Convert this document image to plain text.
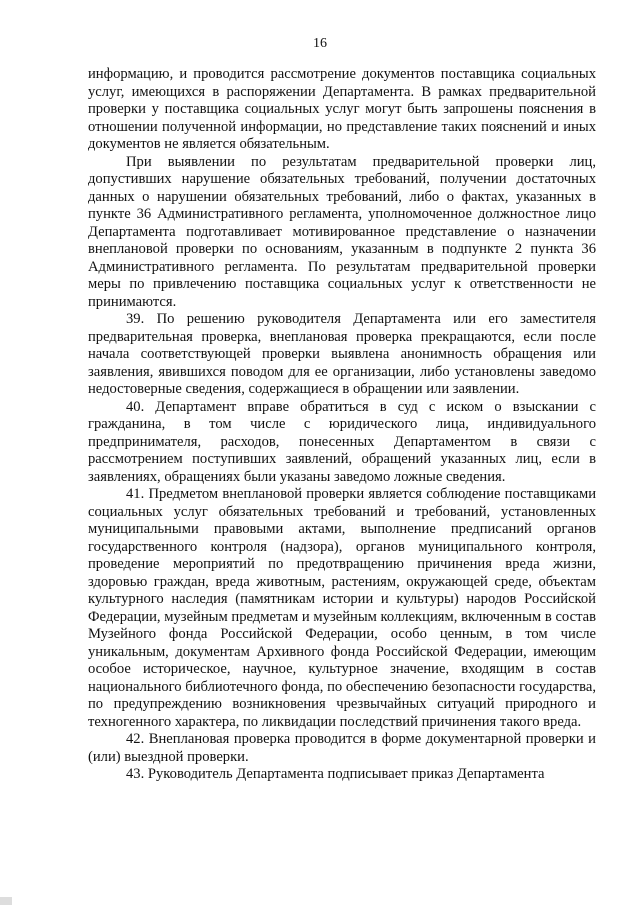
16

информацию, и проводится рассмотрение документов поставщика социальных услуг, имеющихся в распоряжении Департамента. В рамках предварительной проверки у поставщика социальных услуг могут быть запрошены пояснения в отношении полученной информации, но представление таких пояснений и иных документов не является обязательным.

При выявлении по результатам предварительной проверки лиц, допустивших нарушение обязательных требований, получении достаточных данных о нарушении обязательных требований, либо о фактах, указанных в пункте 36 Административного регламента, уполномоченное должностное лицо Департамента подготавливает мотивированное представление о назначении внеплановой проверки по основаниям, указанным в подпункте 2 пункта 36 Административного регламента. По результатам предварительной проверки меры по привлечению поставщика социальных услуг к ответственности не принимаются.

39. По решению руководителя Департамента или его заместителя предварительная проверка, внеплановая проверка прекращаются, если после начала соответствующей проверки выявлена анонимность обращения или заявления, явившихся поводом для ее организации, либо установлены заведомо недостоверные сведения, содержащиеся в обращении или заявлении.

40. Департамент вправе обратиться в суд с иском о взыскании с гражданина, в том числе с юридического лица, индивидуального предпринимателя, расходов, понесенных Департаментом в связи с рассмотрением поступивших заявлений, обращений указанных лиц, если в заявлениях, обращениях были указаны заведомо ложные сведения.

41. Предметом внеплановой проверки является соблюдение поставщиками социальных услуг обязательных требований и требований, установленных муниципальными правовыми актами, выполнение предписаний органов государственного контроля (надзора), органов муниципального контроля, проведение мероприятий по предотвращению причинения вреда жизни, здоровью граждан, вреда животным, растениям, окружающей среде, объектам культурного наследия (памятникам истории и культуры) народов Российской Федерации, музейным предметам и музейным коллекциям, включенным в состав Музейного фонда Российской Федерации, особо ценным, в том числе уникальным, документам Архивного фонда Российской Федерации, имеющим особое историческое, научное, культурное значение, входящим в состав национального библиотечного фонда, по обеспечению безопасности государства, по предупреждению возникновения чрезвычайных ситуаций природного и техногенного характера, по ликвидации последствий причинения такого вреда.

42. Внеплановая проверка проводится в форме документарной проверки и (или) выездной проверки.

43. Руководитель Департамента подписывает приказ Департамента
